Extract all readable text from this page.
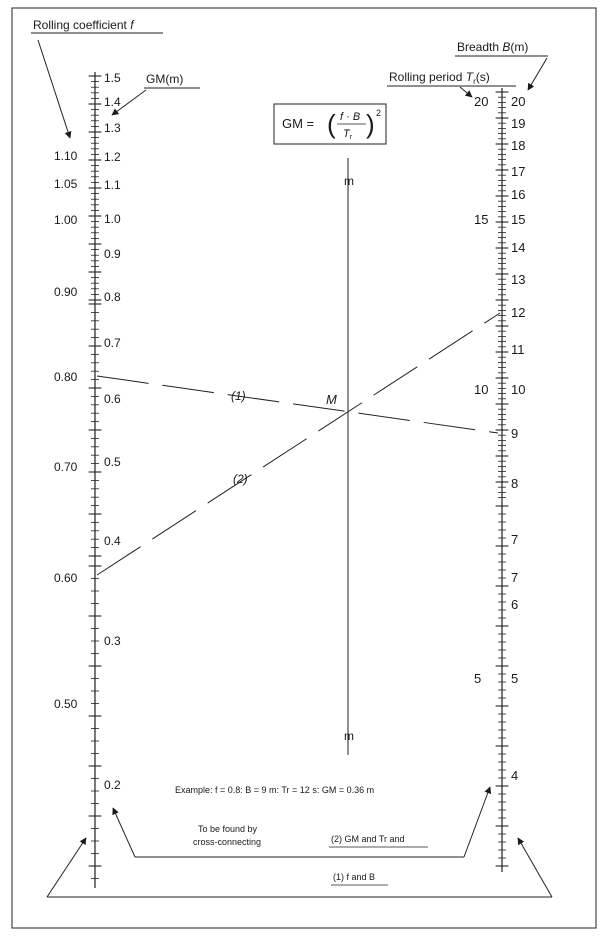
Rolling coefficient f
GM(m)
Breadth B(m)
Rolling period $T_r(s)$
GM = ( f · B
Tr ) 2
m
m
1.10
1.05
1.00
0.90
0.80
0.70
0.60
0.50
1.5
1.4
1.3
1.2
1.1
1.0
0.9
0.8
0.7
0.6
0.5
0.4
0.3
0.2
20
15
10
5
20
19
18
17
16
15
14
13
12
11
10
9
8
7
7
6
5
4
(1)
(2)
M
Example: f = 0.8: B = 9 m: Tr = 12 s: GM = 0.36 m
To be found by
cross-connecting	(2) GM and Tr and
(1) f and B
